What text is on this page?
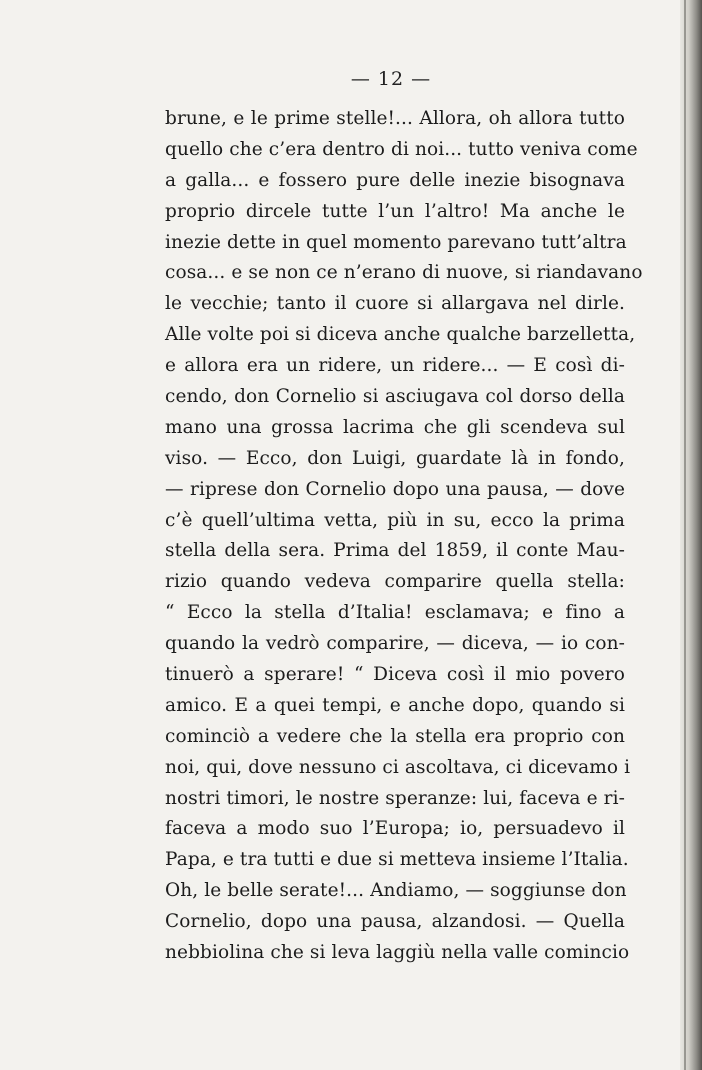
— 12 —
brune, e le prime stelle!... Allora, oh allora tutto
quello che c’era dentro di noi... tutto veniva come
a galla... e fossero pure delle inezie bisognava
proprio dircele tutte l’un l’altro! Ma anche le
inezie dette in quel momento parevano tutt’altra
cosa... e se non ce n’erano di nuove, si riandavano
le vecchie; tanto il cuore si allargava nel dirle.
Alle volte poi si diceva anche qualche barzelletta,
e allora era un ridere, un ridere... — E così di-
cendo, don Cornelio si asciugava col dorso della
mano una grossa lacrima che gli scendeva sul
viso. — Ecco, don Luigi, guardate là in fondo,
— riprese don Cornelio dopo una pausa, — dove
c’è quell’ultima vetta, più in su, ecco la prima
stella della sera. Prima del 1859, il conte Mau-
rizio quando vedeva comparire quella stella:
“ Ecco la stella d’Italia! esclamava; e fino a
quando la vedrò comparire, — diceva, — io con-
tinuerò a sperare! “ Diceva così il mio povero
amico. E a quei tempi, e anche dopo, quando si
cominciò a vedere che la stella era proprio con
noi, qui, dove nessuno ci ascoltava, ci dicevamo i
nostri timori, le nostre speranze: lui, faceva e ri-
faceva a modo suo l’Europa; io, persuadevo il
Papa, e tra tutti e due si metteva insieme l’Italia.
Oh, le belle serate!... Andiamo, — soggiunse don
Cornelio, dopo una pausa, alzandosi. — Quella
nebbiolina che si leva laggiù nella valle comincio
